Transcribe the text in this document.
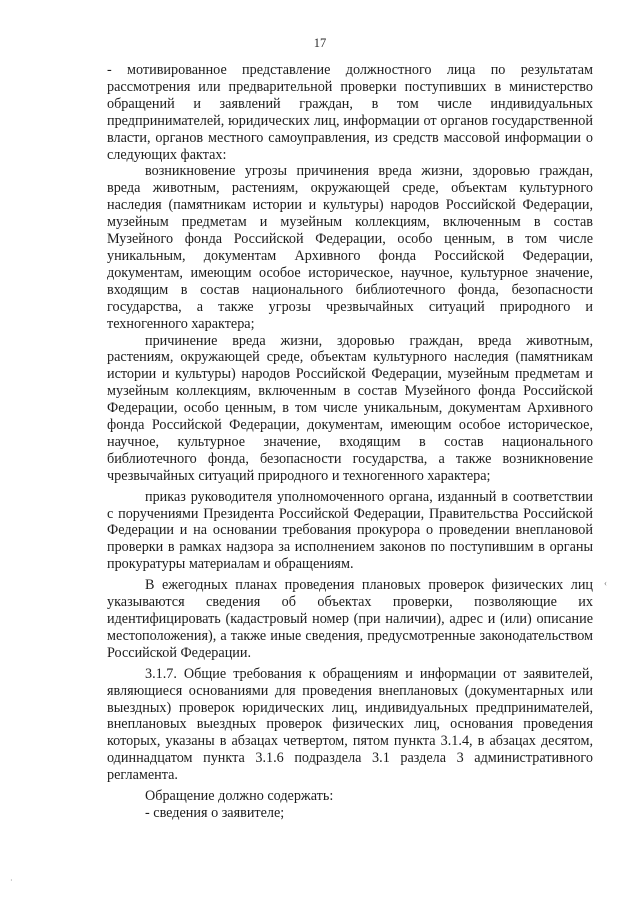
17

- мотивированное представление должностного лица по результатам рассмотрения или предварительной проверки поступивших в министерство обращений и заявлений граждан, в том числе индивидуальных предпринимателей, юридических лиц, информации от органов государственной власти, органов местного самоуправления, из средств массовой информации о следующих фактах:

возникновение угрозы причинения вреда жизни, здоровью граждан, вреда животным, растениям, окружающей среде, объектам культурного наследия (памятникам истории и культуры) народов Российской Федерации, музейным предметам и музейным коллекциям, включенным в состав Музейного фонда Российской Федерации, особо ценным, в том числе уникальным, документам Архивного фонда Российской Федерации, документам, имеющим особое историческое, научное, культурное значение, входящим в состав национального библиотечного фонда, безопасности государства, а также угрозы чрезвычайных ситуаций природного и техногенного характера;

причинение вреда жизни, здоровью граждан, вреда животным, растениям, окружающей среде, объектам культурного наследия (памятникам истории и культуры) народов Российской Федерации, музейным предметам и музейным коллекциям, включенным в состав Музейного фонда Российской Федерации, особо ценным, в том числе уникальным, документам Архивного фонда Российской Федерации, документам, имеющим особое историческое, научное, культурное значение, входящим в состав национального библиотечного фонда, безопасности государства, а также возникновение чрезвычайных ситуаций природного и техногенного характера;

приказ руководителя уполномоченного органа, изданный в соответствии с поручениями Президента Российской Федерации, Правительства Российской Федерации и на основании требования прокурора о проведении внеплановой проверки в рамках надзора за исполнением законов по поступившим в органы прокуратуры материалам и обращениям.

В ежегодных планах проведения плановых проверок физических лиц указываются сведения об объектах проверки, позволяющие их идентифицировать (кадастровый номер (при наличии), адрес и (или) описание местоположения), а также иные сведения, предусмотренные законодательством Российской Федерации.

3.1.7. Общие требования к обращениям и информации от заявителей, являющиеся основаниями для проведения внеплановых (документарных или выездных) проверок юридических лиц, индивидуальных предпринимателей, внеплановых выездных проверок физических лиц, основания проведения которых, указаны в абзацах четвертом, пятом пункта 3.1.4, в абзацах десятом, одиннадцатом пункта 3.1.6 подраздела 3.1 раздела 3 административного регламента.

Обращение должно содержать:

- сведения о заявителе;

‹
·
